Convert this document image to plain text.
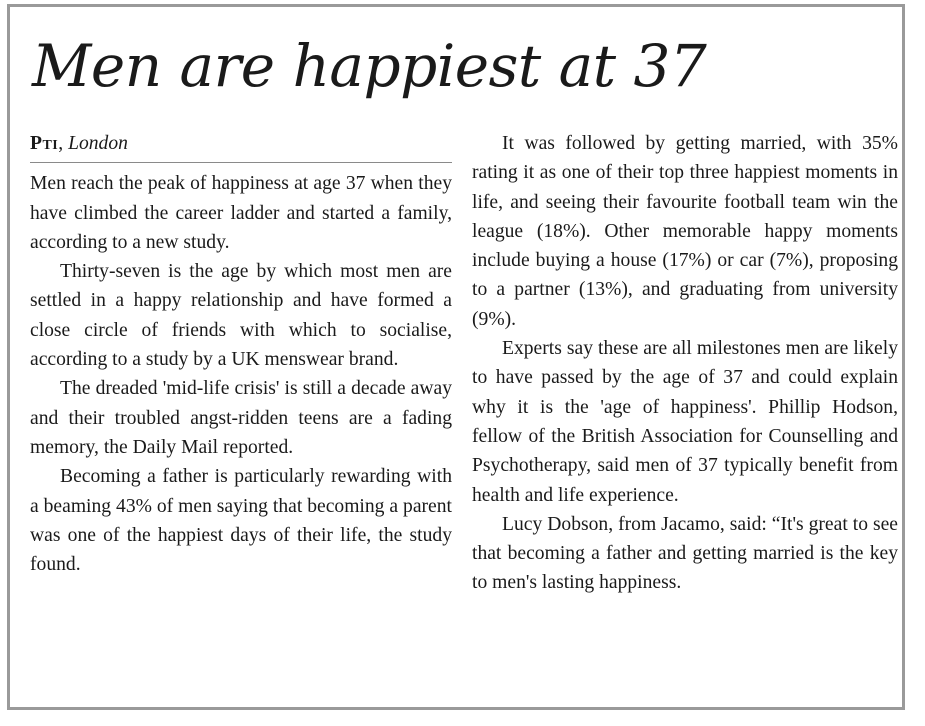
Men are happiest at 37
Pti, London

Men reach the peak of happiness at age 37 when they have climbed the career ladder and started a family, according to a new study.

Thirty-seven is the age by which most men are settled in a happy relationship and have formed a close circle of friends with which to socialise, according to a study by a UK menswear brand.

The dreaded 'mid-life crisis' is still a decade away and their troubled angst-ridden teens are a fading memory, the Daily Mail reported.

Becoming a father is particularly rewarding with a beaming 43% of men saying that becoming a parent was one of the happiest days of their life, the study found.

It was followed by getting married, with 35% rating it as one of their top three happiest moments in life, and seeing their favourite football team win the league (18%). Other memorable happy moments include buying a house (17%) or car (7%), proposing to a partner (13%), and graduating from university (9%).

Experts say these are all milestones men are likely to have passed by the age of 37 and could explain why it is the 'age of happiness'. Phillip Hodson, fellow of the British Association for Counselling and Psychotherapy, said men of 37 typically benefit from health and life experience.

Lucy Dobson, from Jacamo, said: “It's great to see that becoming a father and getting married is the key to men's lasting happiness.
